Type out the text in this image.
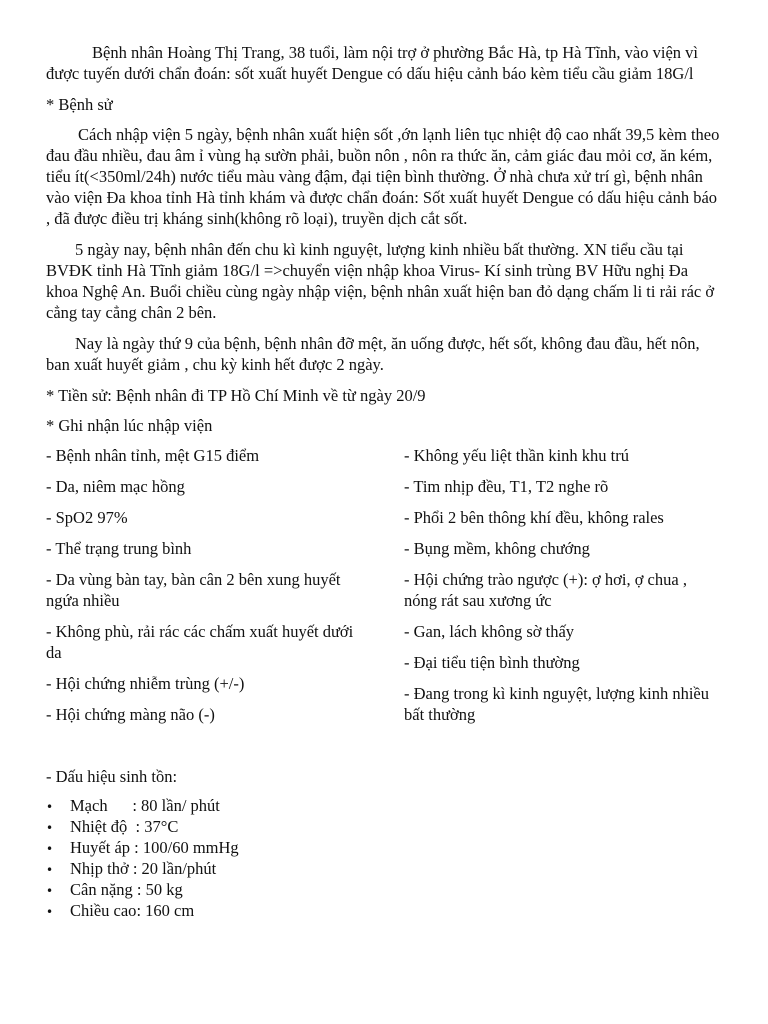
Bệnh nhân Hoàng Thị Trang, 38 tuổi, làm nội trợ ở phường Bắc Hà, tp Hà Tĩnh, vào viện vì được tuyến dưới chẩn đoán: sốt xuất huyết Dengue có dấu hiệu cảnh báo kèm tiểu cầu giảm 18G/l

* Bệnh sử

Cách nhập viện 5 ngày, bệnh nhân xuất hiện sốt ,ớn lạnh liên tục nhiệt độ cao nhất 39,5 kèm theo đau đầu nhiều, đau âm ỉ vùng hạ sườn phải, buồn nôn , nôn ra thức ăn, cảm giác đau mỏi cơ, ăn kém, tiểu ít(<350ml/24h) nước tiểu màu vàng đậm, đại tiện bình thường. Ở nhà chưa xử trí gì, bệnh nhân vào viện Đa khoa tỉnh Hà tỉnh khám và được chẩn đoán: Sốt xuất huyết Dengue có dấu hiệu cảnh báo , đã được điều trị kháng sinh(không rõ loại), truyền dịch cắt sốt.

5 ngày nay, bệnh nhân đến chu kì kinh nguyệt, lượng kinh nhiều bất thường. XN tiểu cầu tại BVĐK tỉnh Hà Tĩnh giảm 18G/l =>chuyển viện nhập khoa Virus- Kí sinh trùng BV Hữu nghị Đa khoa Nghệ An. Buổi chiều cùng ngày nhập viện, bệnh nhân xuất hiện ban đỏ dạng chấm li ti rải rác ở cẳng tay cẳng chân 2 bên.

Nay là ngày thứ 9 của bệnh, bệnh nhân đỡ mệt, ăn uống được, hết sốt, không đau đầu, hết nôn, ban xuất huyết giảm , chu kỳ kinh hết được 2 ngày.

* Tiền sử: Bệnh nhân đi TP Hồ Chí Minh về từ ngày 20/9

* Ghi nhận lúc nhập viện

- Bệnh nhân tỉnh, mệt G15 điểm

- Da, niêm mạc hồng

- SpO2 97%

- Thể trạng trung bình

- Da vùng bàn tay, bàn cân 2 bên xung huyết ngứa nhiều

- Không phù, rải rác các chấm xuất huyết dưới da

- Hội chứng nhiễm trùng (+/-)

- Hội chứng màng não (-)

- Không yếu liệt thần kinh khu trú

- Tim nhịp đều, T1, T2 nghe rõ

- Phổi 2 bên thông khí đều, không rales

- Bụng mềm, không chướng

- Hội chứng trào ngược (+): ợ hơi, ợ chua , nóng rát sau xương ức

- Gan, lách không sờ thấy

- Đại tiểu tiện bình thường

- Đang trong kì kinh nguyệt, lượng kinh nhiều bất thường

- Dấu hiệu sinh tồn:

•	Mạch : 80 lần/ phút
•	Nhiệt độ : 37°C
•	Huyết áp : 100/60 mmHg
•	Nhịp thở : 20 lần/phút
•	Cân nặng : 50 kg
•	Chiều cao : 160 cm
